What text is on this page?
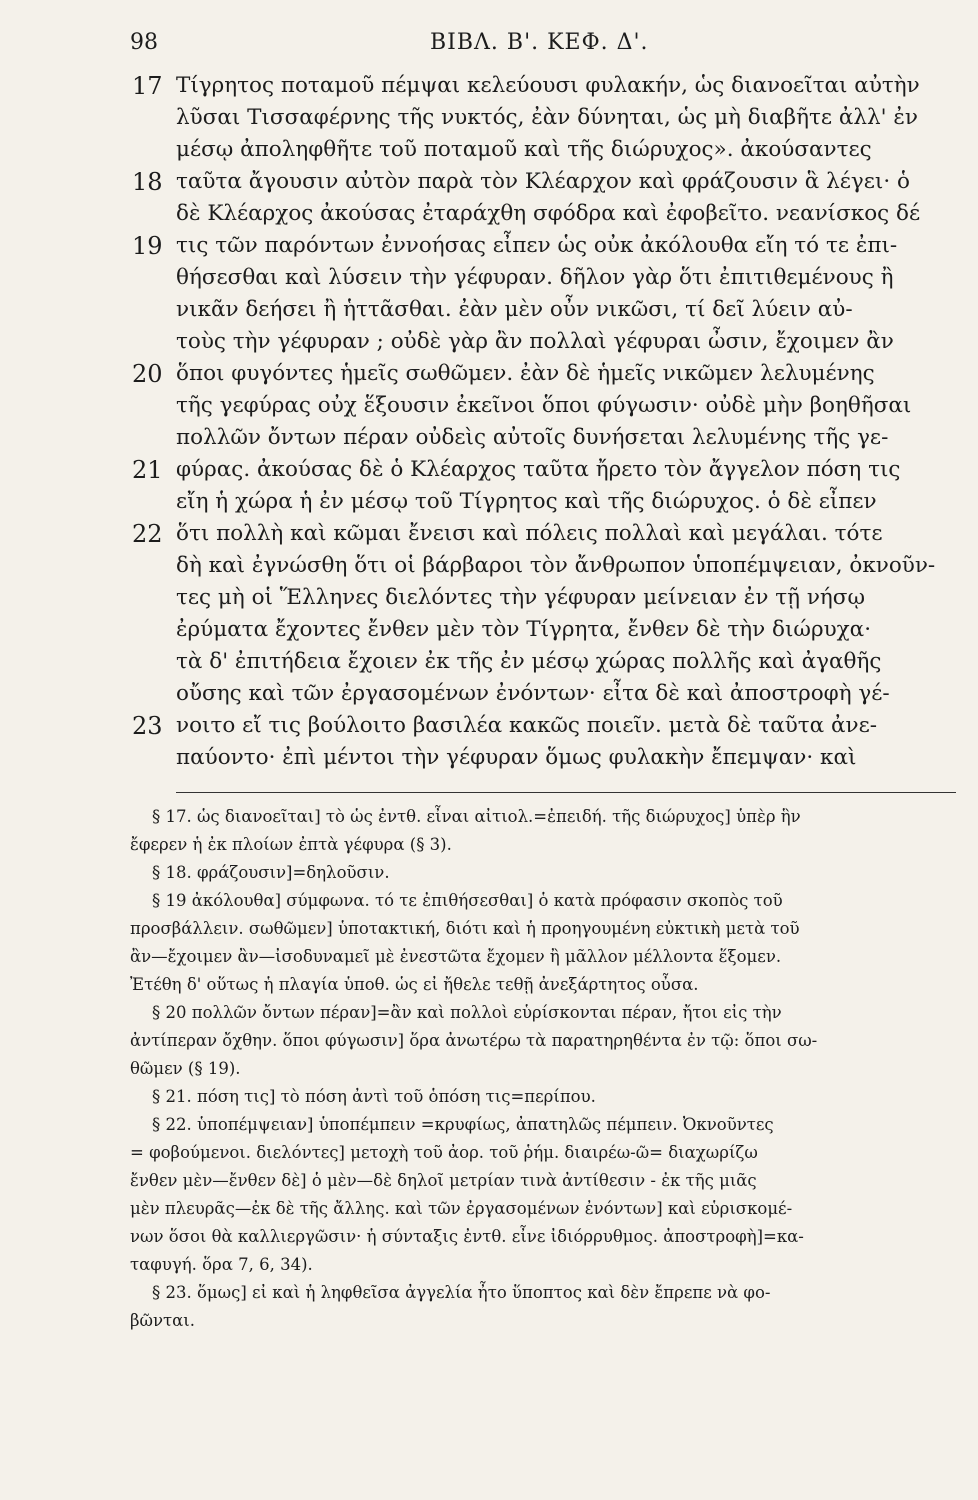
98	ΒΙΒΛ. Β'. ΚΕΦ. Δ'.
17 Τίγρητος ποταμοῦ πέμψαι κελεύουσι φυλακήν, ὡς διανοεῖται αὐτὴν
λῦσαι Τισσαφέρνης τῆς νυκτός, ἐὰν δύνηται, ὡς μὴ διαβῆτε ἀλλ' ἐν
μέσῳ ἀποληφθῆτε τοῦ ποταμοῦ καὶ τῆς διώρυχος». ἀκούσαντες
18 ταῦτα ἄγουσιν αὐτὸν παρὰ τὸν Κλέαρχον καὶ φράζουσιν ἃ λέγει· ὁ
δὲ Κλέαρχος ἀκούσας ἐταράχθη σφόδρα καὶ ἐφοβεῖτο. νεανίσκος δέ
19 τις τῶν παρόντων ἐννοήσας εἶπεν ὡς οὐκ ἀκόλουθα εἴη τό τε ἐπι-
θήσεσθαι καὶ λύσειν τὴν γέφυραν. δῆλον γὰρ ὅτι ἐπιτιθεμένους ἢ
νικᾶν δεήσει ἢ ἡττᾶσθαι. ἐὰν μὲν οὖν νικῶσι, τί δεῖ λύειν αὐ-
τοὺς τὴν γέφυραν ; οὐδὲ γὰρ ἂν πολλαὶ γέφυραι ὦσιν, ἔχοιμεν ἂν
20 ὅποι φυγόντες ἡμεῖς σωθῶμεν. ἐὰν δὲ ἡμεῖς νικῶμεν λελυμένης
τῆς γεφύρας οὐχ ἕξουσιν ἐκεῖνοι ὅποι φύγωσιν· οὐδὲ μὴν βοηθῆσαι
πολλῶν ὄντων πέραν οὐδεὶς αὐτοῖς δυνήσεται λελυμένης τῆς γε-
21 φύρας. ἀκούσας δὲ ὁ Κλέαρχος ταῦτα ἤρετο τὸν ἄγγελον πόση τις
εἴη ἡ χώρα ἡ ἐν μέσῳ τοῦ Τίγρητος καὶ τῆς διώρυχος. ὁ δὲ εἶπεν
22 ὅτι πολλὴ καὶ κῶμαι ἔνεισι καὶ πόλεις πολλαὶ καὶ μεγάλαι. τότε
δὴ καὶ ἐγνώσθη ὅτι οἱ βάρβαροι τὸν ἄνθρωπον ὑποπέμψειαν, ὀκνοῦν-
τες μὴ οἱ Ἕλληνες διελόντες τὴν γέφυραν μείνειαν ἐν τῇ νήσῳ
ἐρύματα ἔχοντες ἔνθεν μὲν τὸν Τίγρητα, ἔνθεν δὲ τὴν διώρυχα·
τὰ δ' ἐπιτήδεια ἔχοιεν ἐκ τῆς ἐν μέσῳ χώρας πολλῆς καὶ ἀγαθῆς
οὔσης καὶ τῶν ἐργασομένων ἐνόντων· εἶτα δὲ καὶ ἀποστροφὴ γέ-
23 νοιτο εἴ τις βούλοιτο βασιλέα κακῶς ποιεῖν. μετὰ δὲ ταῦτα ἀνε-
παύοντο· ἐπὶ μέντοι τὴν γέφυραν ὅμως φυλακὴν ἔπεμψαν· καὶ
§ 17. ὡς διανοεῖται] τὸ ὡς ἐντθ. εἶναι αἰτιολ.=ἐπειδή. τῆς διώρυχος] ὑπὲρ ἣν
ἔφερεν ἡ ἐκ πλοίων ἐπτὰ γέφυρα (§ 3).
§ 18. φράζουσιν]=δηλοῦσιν.
§ 19 ἀκόλουθα] σύμφωνα. τό τε ἐπιθήσεσθαι] ὁ κατὰ πρόφασιν σκοπὸς τοῦ
προσβάλλειν. σωθῶμεν] ὑποτακτική, διότι καὶ ἡ προηγουμένη εὐκτικὴ μετὰ τοῦ
ἂν—ἔχοιμεν ἂν—ἰσοδυναμεῖ μὲ ἐνεστῶτα ἔχομεν ἢ μᾶλλον μέλλοντα ἕξομεν.
Ἐτέθη δ' οὕτως ἡ πλαγία ὑποθ. ὡς εἰ ἤθελε τεθῇ ἀνεξάρτητος οὖσα.
§ 20 πολλῶν ὄντων πέραν]=ἂν καὶ πολλοὶ εὑρίσκονται πέραν, ἤτοι εἰς τὴν
ἀντίπεραν ὄχθην. ὅποι φύγωσιν] ὅρα ἀνωτέρω τὰ παρατηρηθέντα ἐν τῷ: ὅποι σω-
θῶμεν (§ 19).
§ 21. πόση τις] τὸ πόση ἀντὶ τοῦ ὁπόση τις=περίπου.
§ 22. ὑποπέμψειαν] ὑποπέμπειν =κρυφίως, ἀπατηλῶς πέμπειν. Ὀκνοῦντες
= φοβούμενοι. διελόντες] μετοχὴ τοῦ ἀορ. τοῦ ῥήμ. διαιρέω-ῶ= διαχωρίζω
ἔνθεν μὲν—ἔνθεν δὲ] ὁ μὲν—δὲ δηλοῖ μετρίαν τινὰ ἀντίθεσιν - ἐκ τῆς μιᾶς
μὲν πλευρᾶς—ἐκ δὲ τῆς ἄλλης. καὶ τῶν ἐργασομένων ἐνόντων] καὶ εὑρισκομέ-
νων ὅσοι θὰ καλλιεργῶσιν· ἡ σύνταξις ἐντθ. εἶνε ἰδιόρρυθμος. ἀποστροφὴ]=κα-
ταφυγή. ὅρα 7, 6, 34).
§ 23. ὅμως] εἰ καὶ ἡ ληφθεῖσα ἀγγελία ἦτο ὕποπτος καὶ δὲν ἔπρεπε νὰ φο-
βῶνται.
